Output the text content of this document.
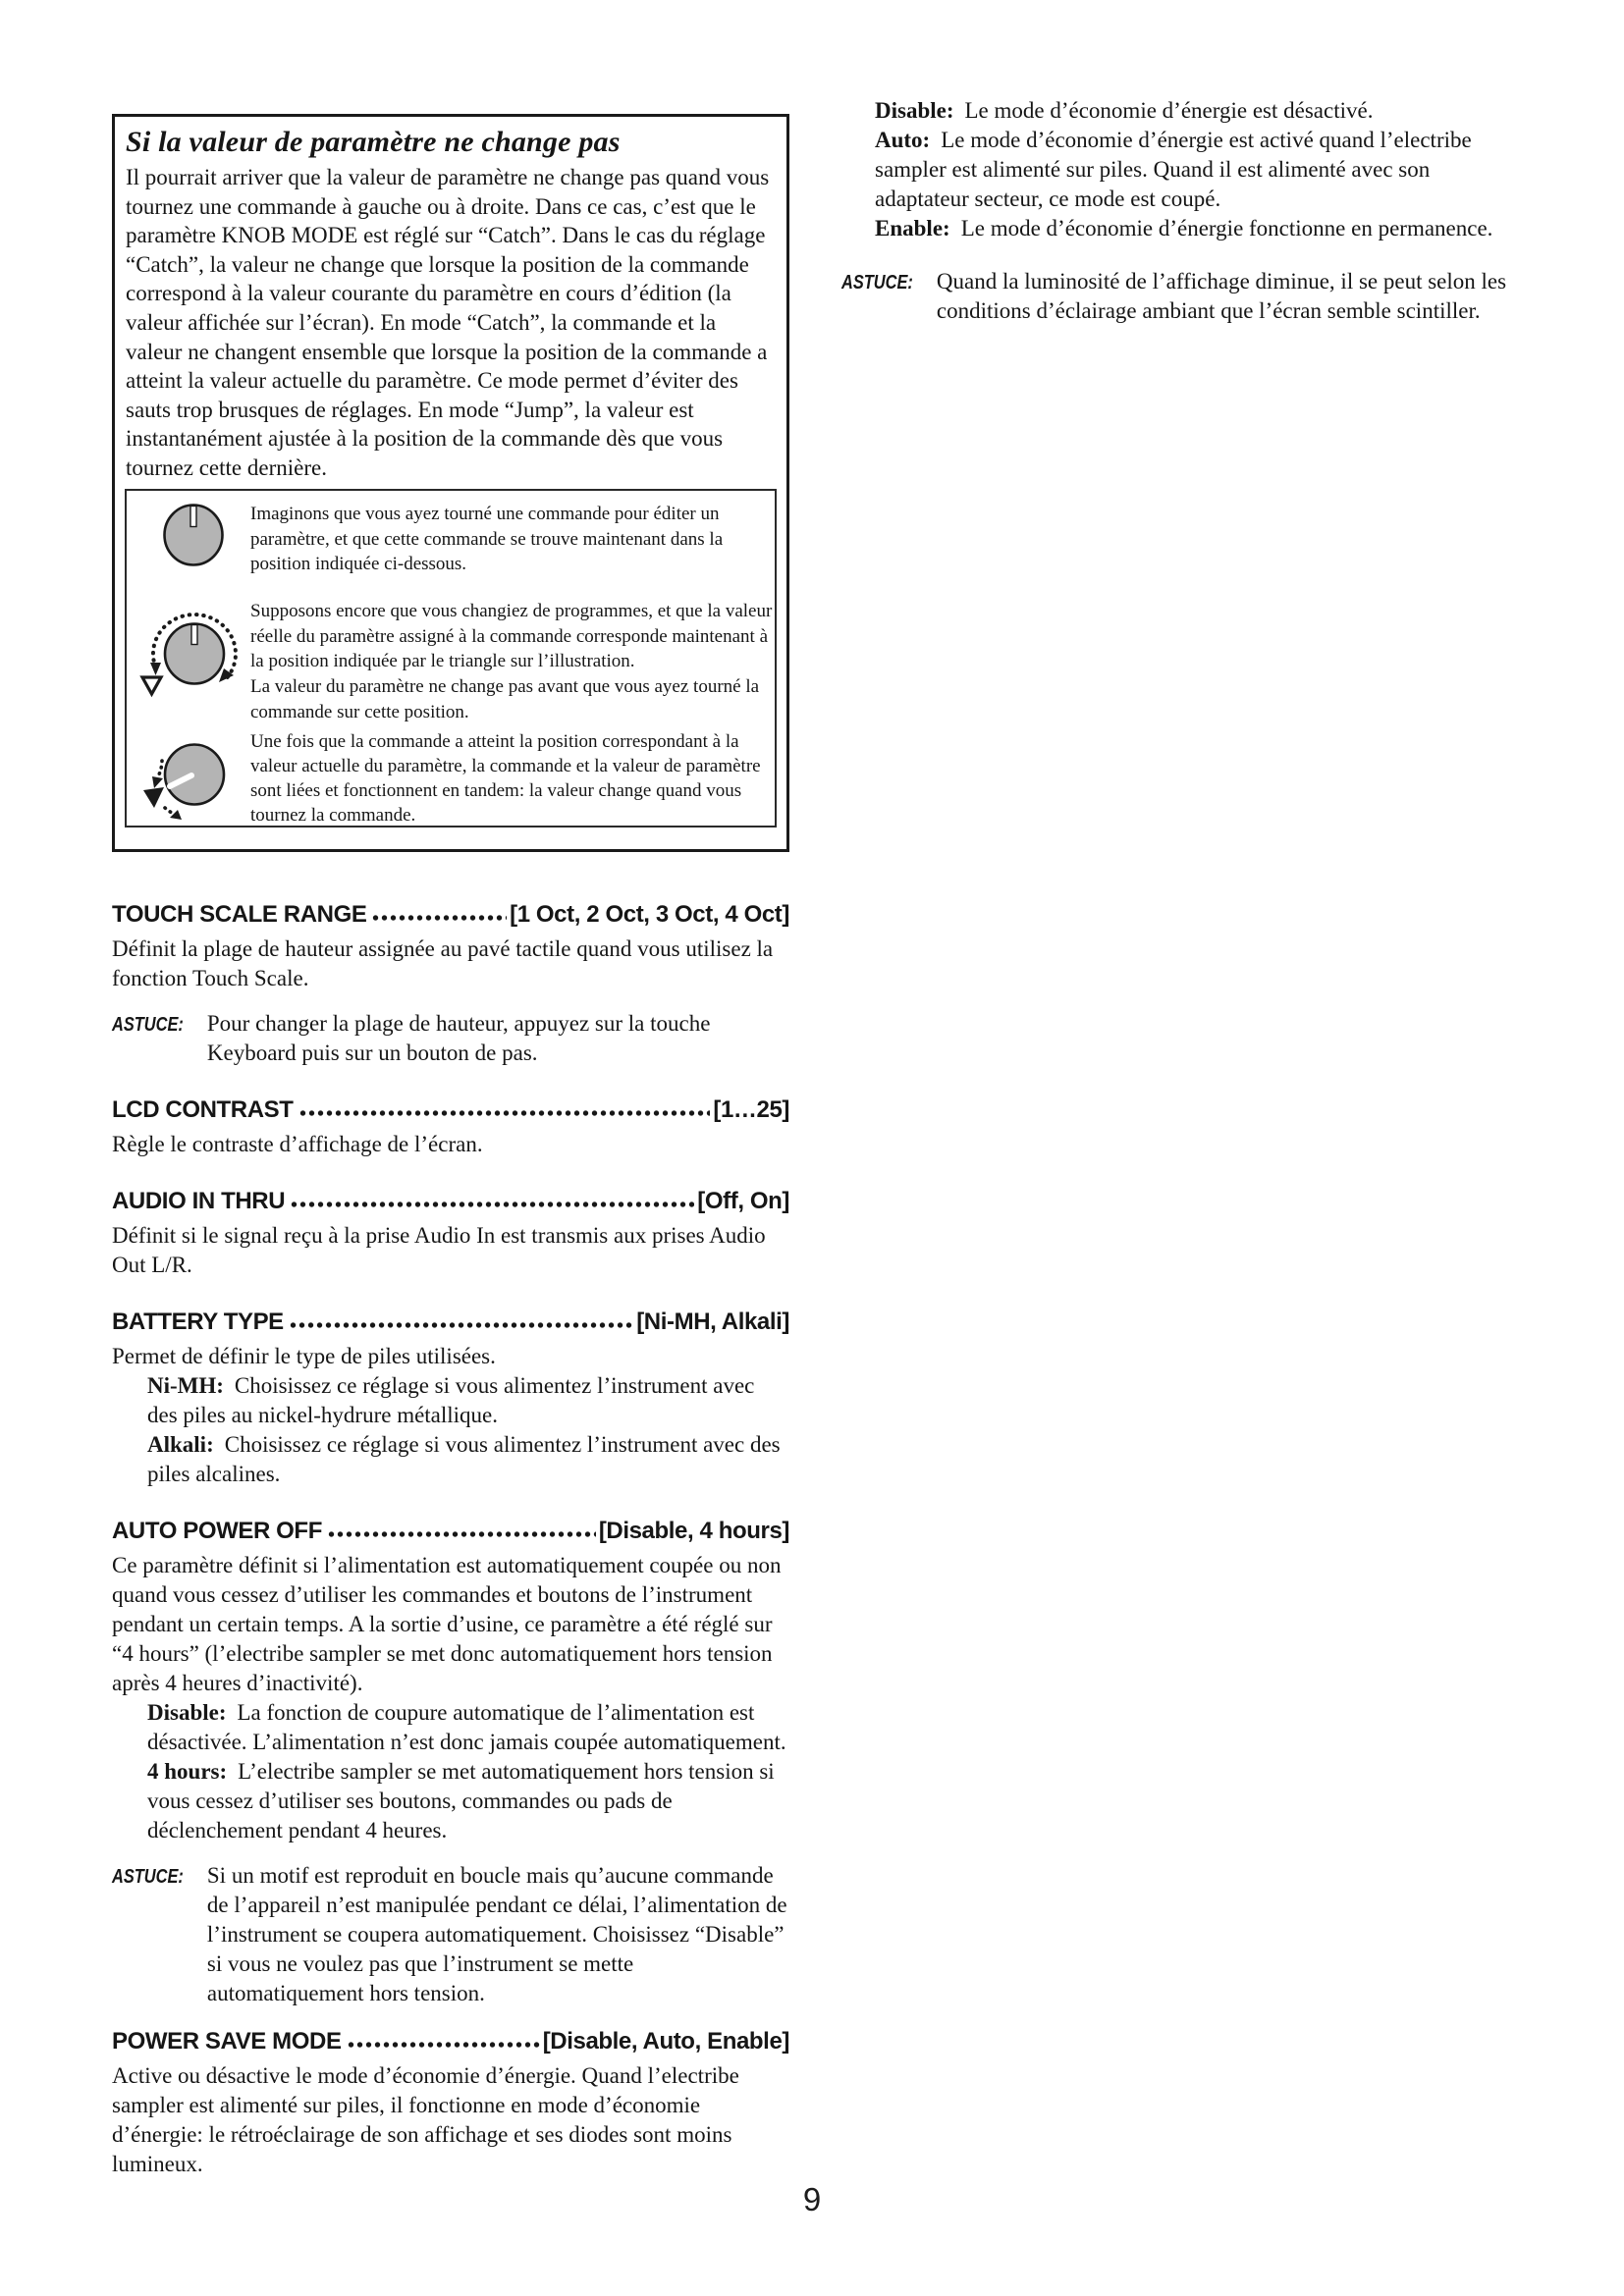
Si la valeur de paramètre ne change pas
Il pourrait arriver que la valeur de paramètre ne change pas quand vous tournez une commande à gauche ou à droite. Dans ce cas, c’est que le paramètre KNOB MODE est réglé sur “Catch”. Dans le cas du réglage “Catch”, la valeur ne change que lorsque la position de la commande correspond à la valeur courante du paramètre en cours d’édition (la valeur affichée sur l’écran). En mode “Catch”, la commande et la valeur ne changent ensemble que lorsque la position de la commande a atteint la valeur actuelle du paramètre. Ce mode permet d’éviter des sauts trop brusques de réglages. En mode “Jump”, la valeur est instantanément ajustée à la position de la commande dès que vous tournez cette dernière.
Imaginons que vous ayez tourné une commande pour éditer un paramètre, et que cette commande se trouve maintenant dans la position indiquée ci-dessous.
Supposons encore que vous changiez de programmes, et que la valeur réelle du paramètre assigné à la commande corresponde maintenant à la position indiquée par le triangle sur l’illustration.
La valeur du paramètre ne change pas avant que vous ayez tourné la commande sur cette position.
Une fois que la commande a atteint la position correspondant à la valeur actuelle du paramètre, la commande et la valeur de paramètre sont liées et fonctionnent en tandem: la valeur change quand vous tournez la commande.
TOUCH SCALE RANGE	[1 Oct, 2 Oct, 3 Oct, 4 Oct]
Définit la plage de hauteur assignée au pavé tactile quand vous utilisez la fonction Touch Scale.
ASTUCE: Pour changer la plage de hauteur, appuyez sur la touche Keyboard puis sur un bouton de pas.
LCD CONTRAST	[1…25]
Règle le contraste d’affichage de l’écran.
AUDIO IN THRU	[Off, On]
Définit si le signal reçu à la prise Audio In est transmis aux prises Audio Out L/R.
BATTERY TYPE	[Ni-MH, Alkali]
Permet de définir le type de piles utilisées.
Ni-MH: Choisissez ce réglage si vous alimentez l’instrument avec des piles au nickel-hydrure métallique.
Alkali: Choisissez ce réglage si vous alimentez l’instrument avec des piles alcalines.
AUTO POWER OFF	[Disable, 4 hours]
Ce paramètre définit si l’alimentation est automatiquement coupée ou non quand vous cessez d’utiliser les commandes et boutons de l’instrument pendant un certain temps. A la sortie d’usine, ce paramètre a été réglé sur “4 hours” (l’electribe sampler se met donc automatiquement hors tension après 4 heures d’inactivité).
Disable: La fonction de coupure automatique de l’alimentation est désactivée. L’alimentation n’est donc jamais coupée automatiquement.
4 hours: L’electribe sampler se met automatiquement hors tension si vous cessez d’utiliser ses boutons, commandes ou pads de déclenchement pendant 4 heures.
ASTUCE: Si un motif est reproduit en boucle mais qu’aucune commande de l’appareil n’est manipulée pendant ce délai, l’alimentation de l’instrument se coupera automatiquement. Choisissez “Disable” si vous ne voulez pas que l’instrument se mette automatiquement hors tension.
POWER SAVE MODE	[Disable, Auto, Enable]
Active ou désactive le mode d’économie d’énergie. Quand l’electribe sampler est alimenté sur piles, il fonctionne en mode d’économie d’énergie: le rétroéclairage de son affichage et ses diodes sont moins lumineux.
Disable: Le mode d’économie d’énergie est désactivé.
Auto: Le mode d’économie d’énergie est activé quand l’electribe sampler est alimenté sur piles. Quand il est alimenté avec son adaptateur secteur, ce mode est coupé.
Enable: Le mode d’économie d’énergie fonctionne en permanence.
ASTUCE: Quand la luminosité de l’affichage diminue, il se peut selon les conditions d’éclairage ambiant que l’écran semble scintiller.
9
